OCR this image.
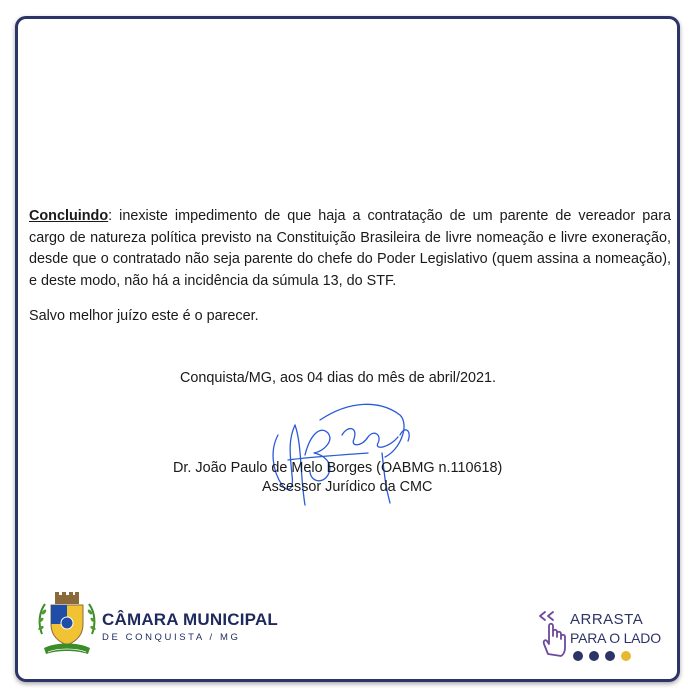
Concluindo: inexiste impedimento de que haja a contratação de um parente de vereador para cargo de natureza política previsto na Constituição Brasileira de livre nomeação e livre exoneração, desde que o contratado não seja parente do chefe do Poder Legislativo (quem assina a nomeação), e deste modo, não há a incidência da súmula 13, do STF.

Salvo melhor juízo este é o parecer.

Conquista/MG, aos 04 dias do mês de abril/2021.
Dr. João Paulo de Melo Borges (OABMG n.110618)
Assessor Jurídico da CMC
CÂMARA MUNICIPAL
DE CONQUISTA / MG
ARRASTA
PARA O LADO
